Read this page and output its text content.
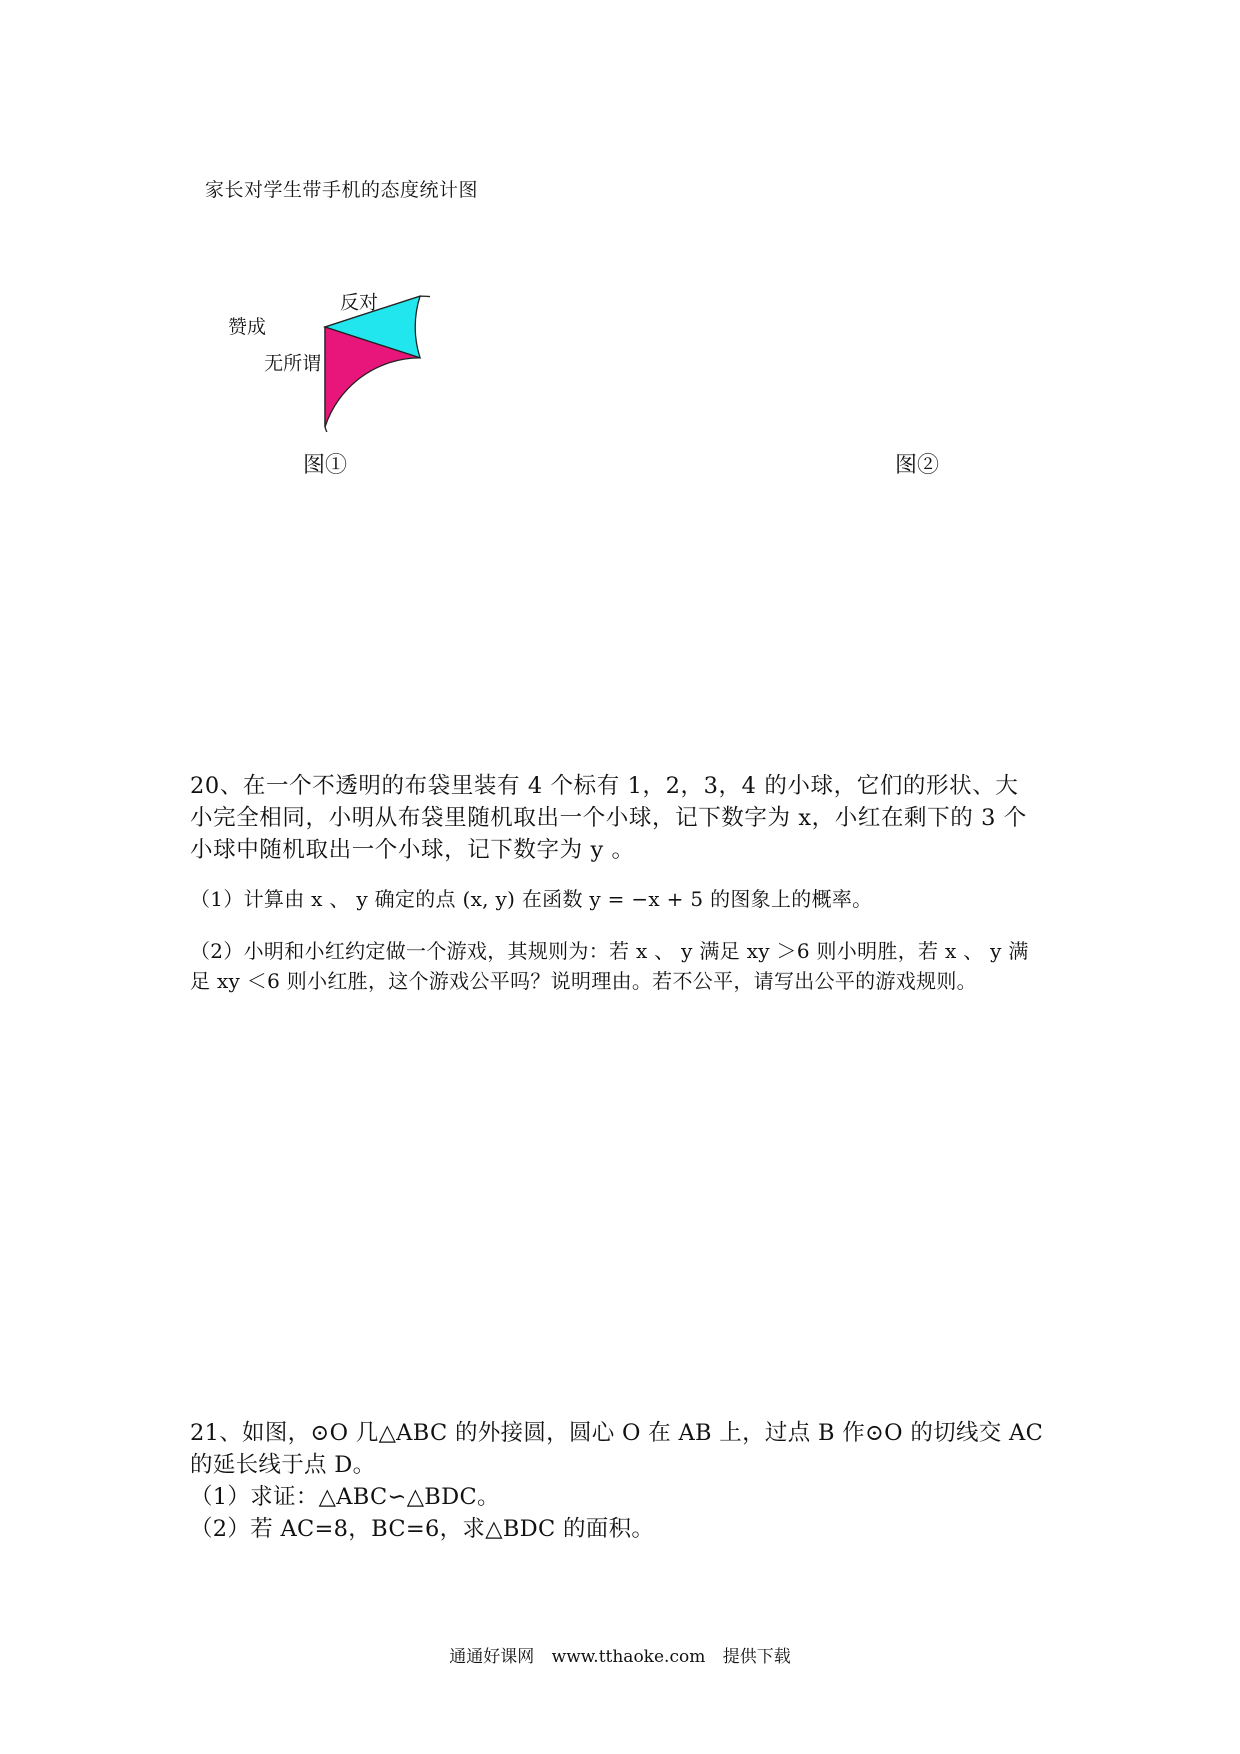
家长对学生带手机的态度统计图
反对
赞成
无所谓
20%
图①	图②
20、在一个不透明的布袋里装有 4 个标有 1，2，3，4 的小球，它们的形状、大
小完全相同，小明从布袋里随机取出一个小球，记下数字为 x，小红在剩下的 3 个
小球中随机取出一个小球，记下数字为 y 。
（1）计算由 x 、 y 确定的点 (x, y) 在函数 y = −x + 5 的图象上的概率。
（2）小明和小红约定做一个游戏，其规则为：若 x 、 y 满足 xy ＞6 则小明胜，若 x 、 y 满
足 xy ＜6 则小红胜，这个游戏公平吗？说明理由。若不公平，请写出公平的游戏规则。
21、如图，⊙O 几△ABC 的外接圆，圆心 O 在 AB 上，过点 B 作⊙O 的切线交 AC
的延长线于点 D。
（1）求证：△ABC∽△BDC。
（2）若 AC=8，BC=6，求△BDC 的面积。
通通好课网 www.tthaoke.com 提供下载
